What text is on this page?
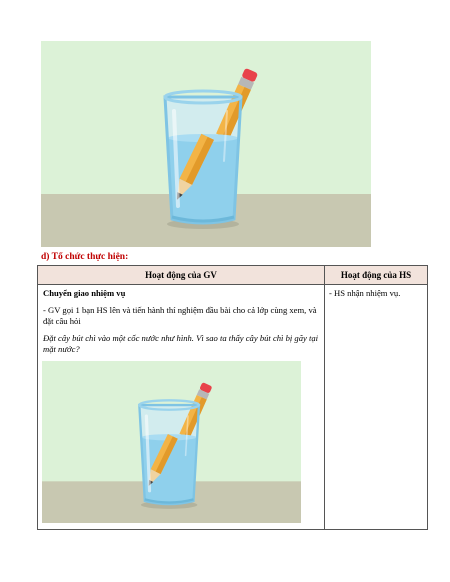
d) Tổ chức thực hiện:
Hoạt động của GV	Hoạt động của HS

Chuyển giao nhiệm vụ

- GV gọi 1 bạn HS lên và tiến hành thí nghiệm đầu bài cho cả lớp cùng xem, và đặt câu hỏi

Đặt cây bút chì vào một cốc nước như hình. Vì sao ta thấy cây bút chì bị gãy tại mặt nước?	- HS nhận nhiệm vụ.
